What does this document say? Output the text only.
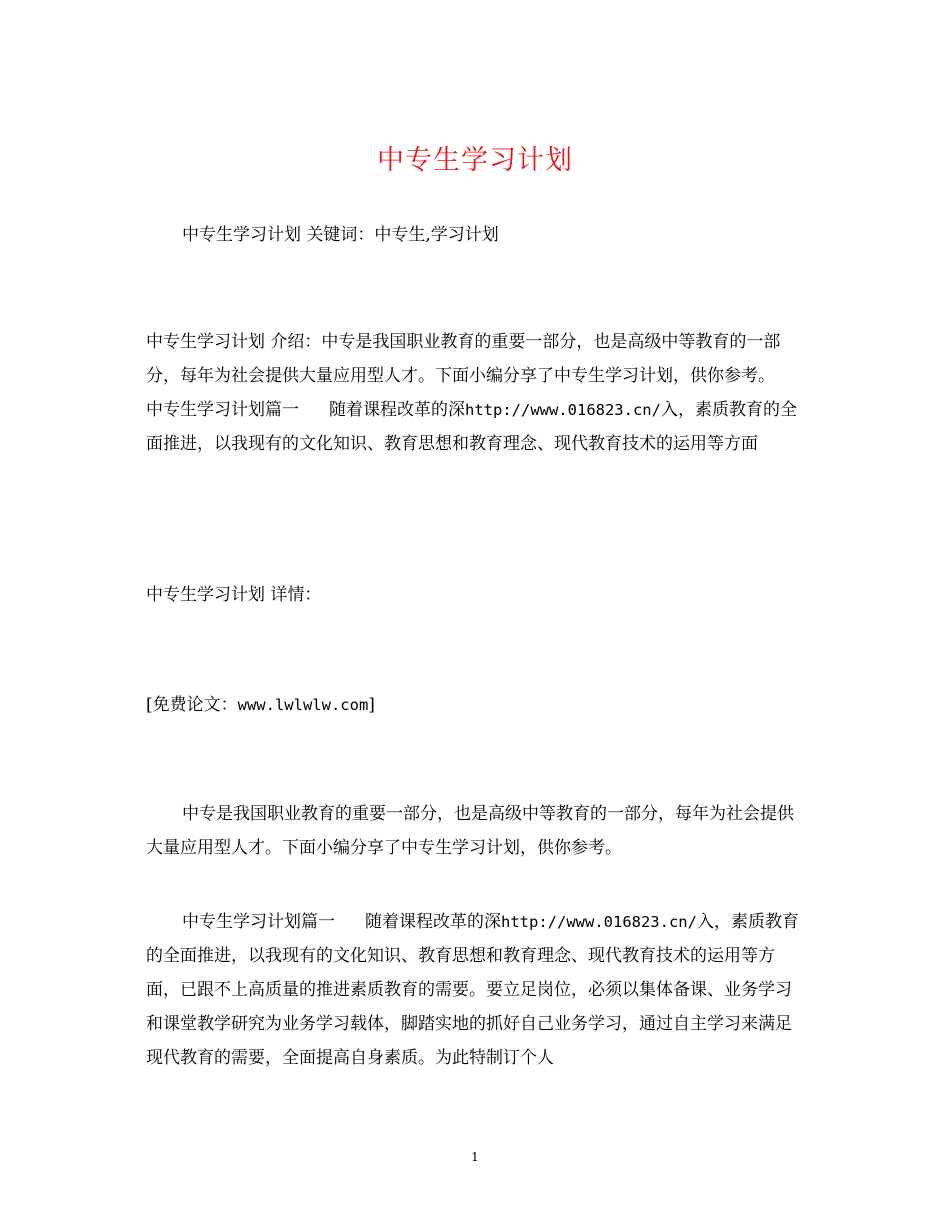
中专生学习计划

中专生学习计划 关键词：中专生,学习计划

中专生学习计划 介绍：中专是我国职业教育的重要一部分，也是高级中等教育的一部分，每年为社会提供大量应用型人才。下面小编分享了中专生学习计划，供你参考。中专生学习计划篇一 随着课程改革的深http://www.016823.cn/入，素质教育的全面推进，以我现有的文化知识、教育思想和教育理念、现代教育技术的运用等方面

中专生学习计划 详情：

[免费论文：www.lwlwlw.com]

中专是我国职业教育的重要一部分，也是高级中等教育的一部分，每年为社会提供大量应用型人才。下面小编分享了中专生学习计划，供你参考。

中专生学习计划篇一 随着课程改革的深http://www.016823.cn/入，素质教育的全面推进，以我现有的文化知识、教育思想和教育理念、现代教育技术的运用等方面，已跟不上高质量的推进素质教育的需要。要立足岗位，必须以集体备课、业务学习和课堂教学研究为业务学习载体，脚踏实地的抓好自己业务学习，通过自主学习来满足现代教育的需要，全面提高自身素质。为此特制订个人

1
